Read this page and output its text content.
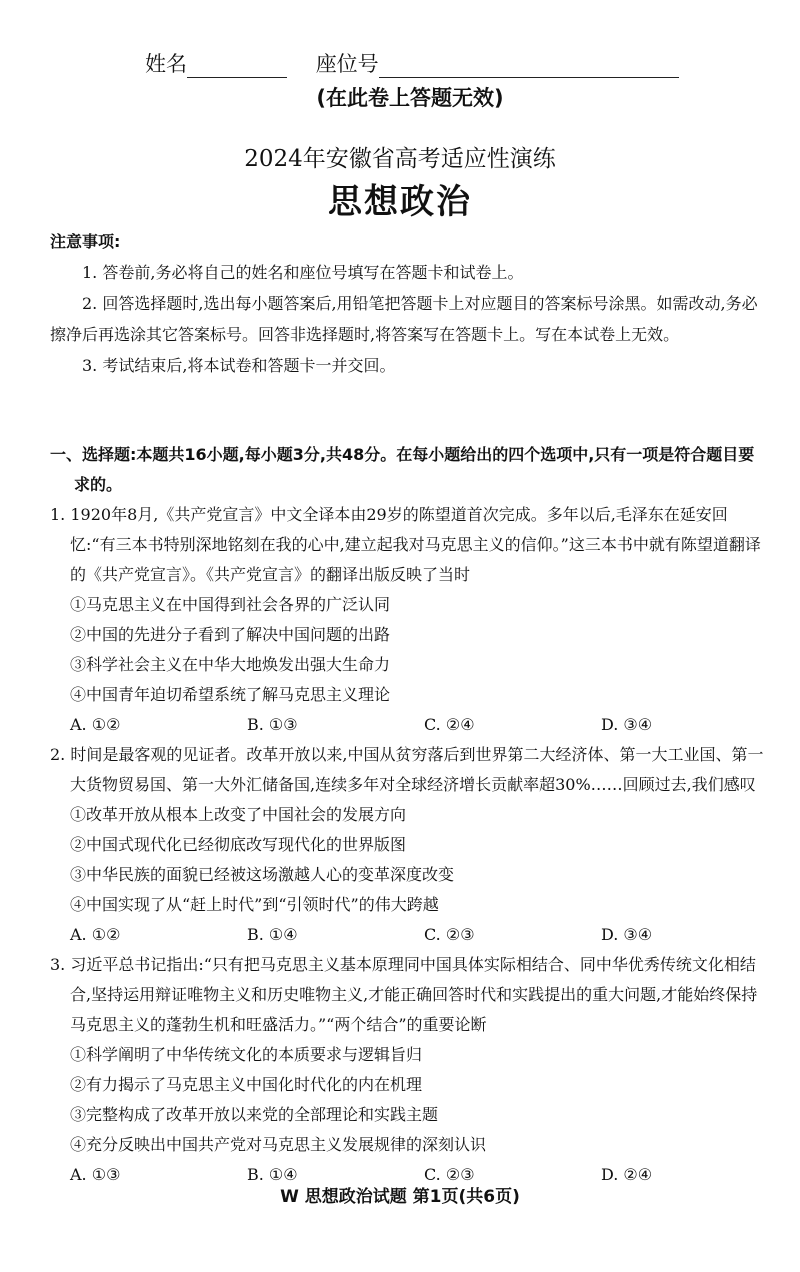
姓名	座位号
(在此卷上答题无效)
2024年安徽省高考适应性演练
思想政治
注意事项:
1. 答卷前,务必将自己的姓名和座位号填写在答题卡和试卷上。
2. 回答选择题时,选出每小题答案后,用铅笔把答题卡上对应题目的答案标号涂黑。如需改动,务必擦净后再选涂其它答案标号。回答非选择题时,将答案写在答题卡上。写在本试卷上无效。
3. 考试结束后,将本试卷和答题卡一并交回。
一、选择题:本题共16小题,每小题3分,共48分。在每小题给出的四个选项中,只有一项是符合题目要求的。
1. 1920年8月,《共产党宣言》中文全译本由29岁的陈望道首次完成。多年以后,毛泽东在延安回忆:“有三本书特别深地铭刻在我的心中,建立起我对马克思主义的信仰。”这三本书中就有陈望道翻译的《共产党宣言》。《共产党宣言》的翻译出版反映了当时
①马克思主义在中国得到社会各界的广泛认同
②中国的先进分子看到了解决中国问题的出路
③科学社会主义在中华大地焕发出强大生命力
④中国青年迫切希望系统了解马克思主义理论
A. ①②	B. ①③	C. ②④	D. ③④
2. 时间是最客观的见证者。改革开放以来,中国从贫穷落后到世界第二大经济体、第一大工业国、第一大货物贸易国、第一大外汇储备国,连续多年对全球经济增长贡献率超30%……回顾过去,我们感叹
①改革开放从根本上改变了中国社会的发展方向
②中国式现代化已经彻底改写现代化的世界版图
③中华民族的面貌已经被这场激越人心的变革深度改变
④中国实现了从“赶上时代”到“引领时代”的伟大跨越
A. ①②	B. ①④	C. ②③	D. ③④
3. 习近平总书记指出:“只有把马克思主义基本原理同中国具体实际相结合、同中华优秀传统文化相结合,坚持运用辩证唯物主义和历史唯物主义,才能正确回答时代和实践提出的重大问题,才能始终保持马克思主义的蓬勃生机和旺盛活力。”“两个结合”的重要论断
①科学阐明了中华传统文化的本质要求与逻辑旨归
②有力揭示了马克思主义中国化时代化的内在机理
③完整构成了改革开放以来党的全部理论和实践主题
④充分反映出中国共产党对马克思主义发展规律的深刻认识
A. ①③	B. ①④	C. ②③	D. ②④
W 思想政治试题 第1页(共6页)
